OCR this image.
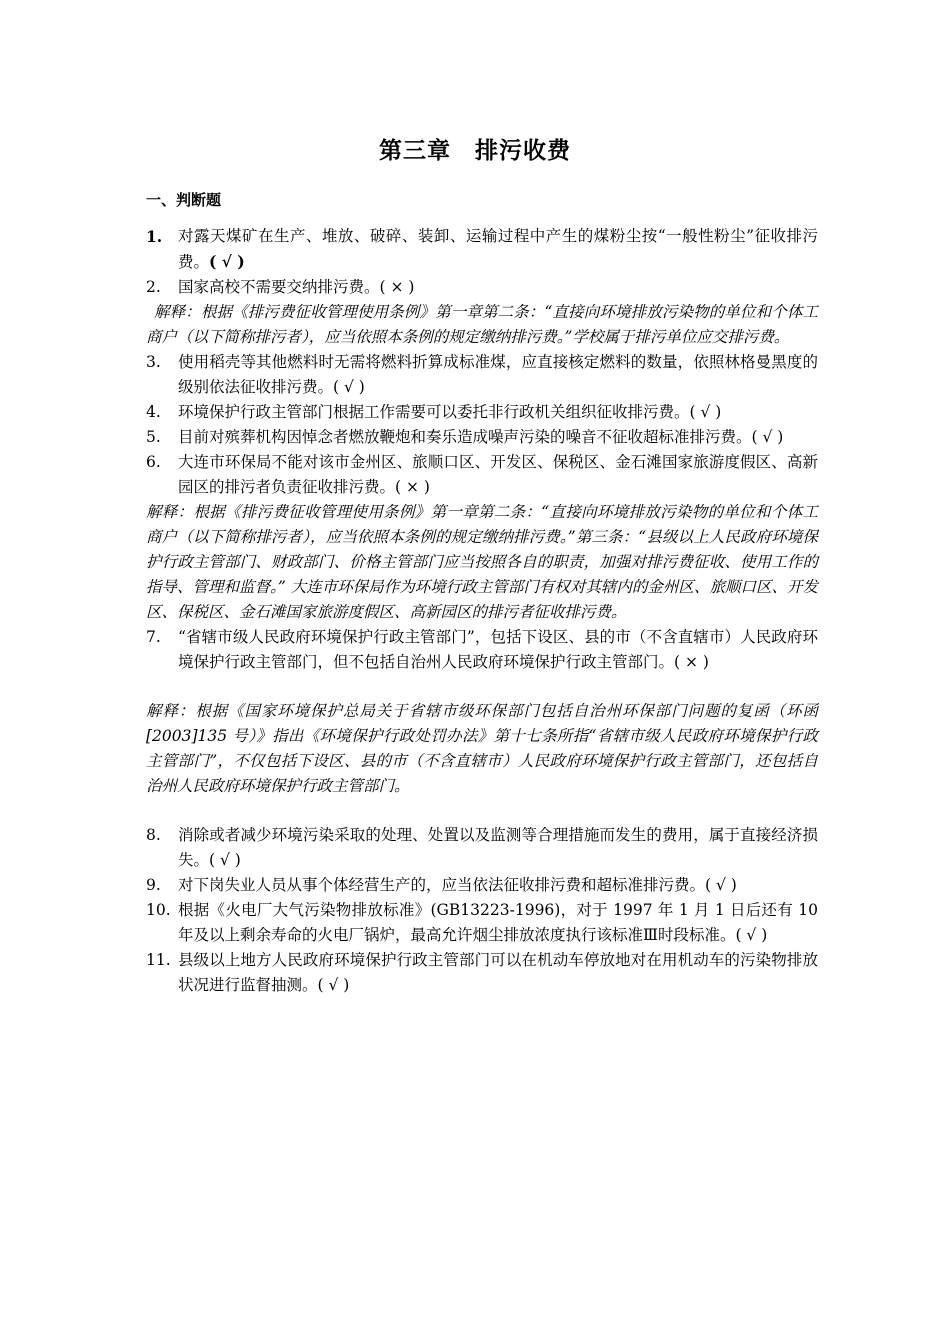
第三章　排污收费
一、判断题
1.	对露天煤矿在生产、堆放、破碎、装卸、运输过程中产生的煤粉尘按“一般性粉尘”征收排污费。( √ )
2.	国家高校不需要交纳排污费。( × )

解释：根据《排污费征收管理使用条例》第一章第二条：“直接向环境排放污染物的单位和个体工商户（以下简称排污者），应当依照本条例的规定缴纳排污费。”学校属于排污单位应交排污费。

3.	使用稻壳等其他燃料时无需将燃料折算成标准煤，应直接核定燃料的数量，依照林格曼黑度的级别依法征收排污费。( √ )
4.	环境保护行政主管部门根据工作需要可以委托非行政机关组织征收排污费。( √ )
5.	目前对殡葬机构因悼念者燃放鞭炮和奏乐造成噪声污染的噪音不征收超标准排污费。( √ )
6.	大连市环保局不能对该市金州区、旅顺口区、开发区、保税区、金石滩国家旅游度假区、高新园区的排污者负责征收排污费。( × )

解释：根据《排污费征收管理使用条例》第一章第二条：“直接向环境排放污染物的单位和个体工商户（以下简称排污者），应当依照本条例的规定缴纳排污费。”第三条：“县级以上人民政府环境保护行政主管部门、财政部门、价格主管部门应当按照各自的职责，加强对排污费征收、使用工作的指导、管理和监督。” 大连市环保局作为环境行政主管部门有权对其辖内的金州区、旅顺口区、开发区、保税区、金石滩国家旅游度假区、高新园区的排污者征收排污费。

7.	“省辖市级人民政府环境保护行政主管部门”，包括下设区、县的市（不含直辖市）人民政府环境保护行政主管部门，但不包括自治州人民政府环境保护行政主管部门。( × )

解释：根据《国家环境保护总局关于省辖市级环保部门包括自治州环保部门问题的复函（环函[2003]135 号）》指出《环境保护行政处罚办法》第十七条所指“省辖市级人民政府环境保护行政主管部门”，不仅包括下设区、县的市（不含直辖市）人民政府环境保护行政主管部门，还包括自治州人民政府环境保护行政主管部门。

8.	消除或者减少环境污染采取的处理、处置以及监测等合理措施而发生的费用，属于直接经济损失。( √ )
9.	对下岗失业人员从事个体经营生产的，应当依法征收排污费和超标准排污费。( √ )
10. 根据《火电厂大气污染物排放标准》(GB13223-1996)，对于 1997 年 1 月 1 日后还有 10 年及以上剩余寿命的火电厂锅炉，最高允许烟尘排放浓度执行该标准Ⅲ时段标准。( √ )
11. 县级以上地方人民政府环境保护行政主管部门可以在机动车停放地对在用机动车的污染物排放状况进行监督抽测。( √ )
